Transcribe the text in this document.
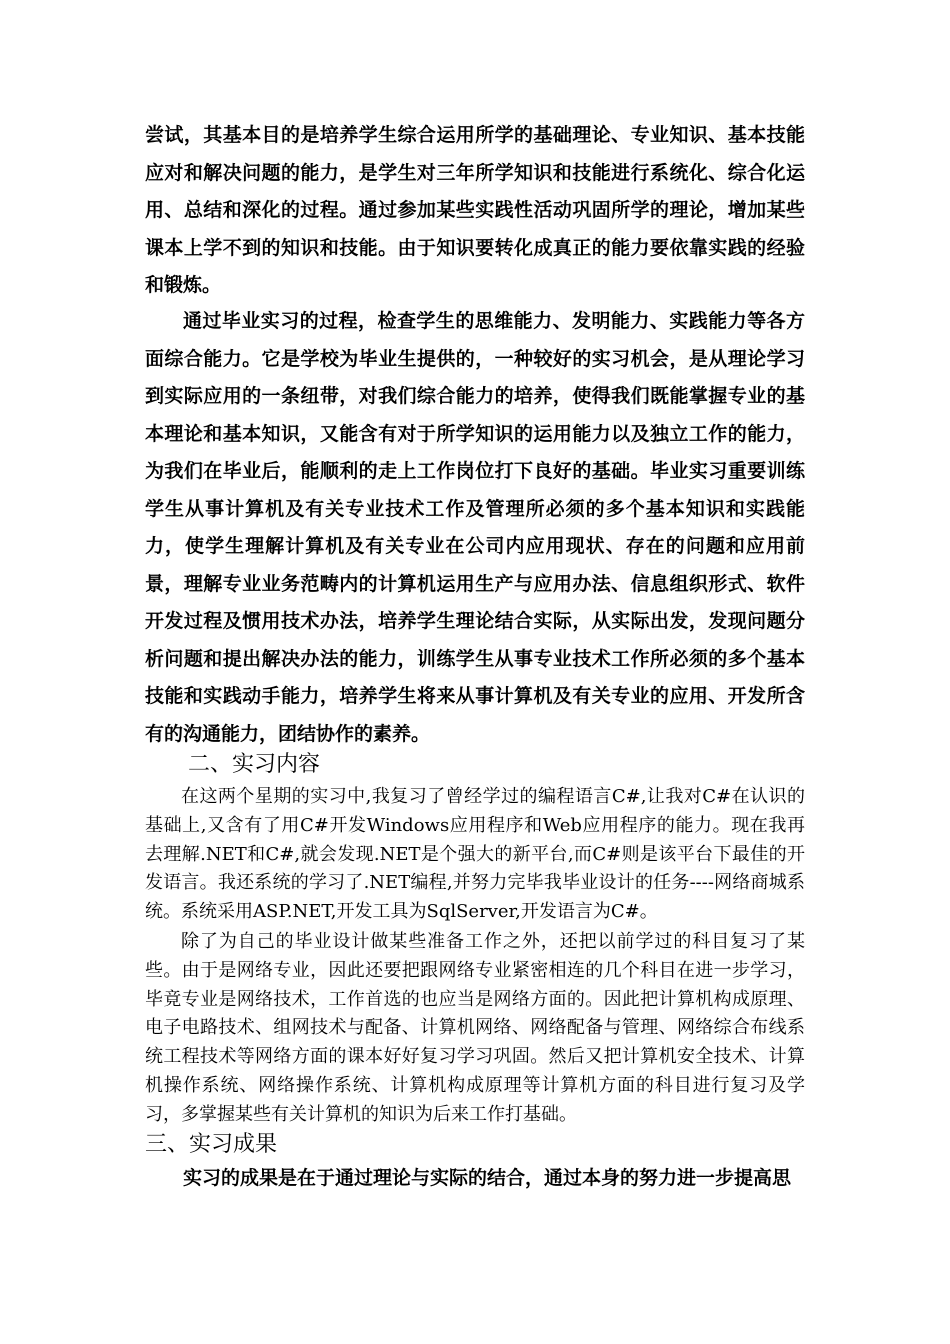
尝试，其基本目的是培养学生综合运用所学的基础理论、专业知识、基本技能应对和解决问题的能力，是学生对三年所学知识和技能进行系统化、综合化运用、总结和深化的过程。通过参加某些实践性活动巩固所学的理论，增加某些课本上学不到的知识和技能。由于知识要转化成真正的能力要依靠实践的经验和锻炼。

通过毕业实习的过程，检查学生的思维能力、发明能力、实践能力等各方面综合能力。它是学校为毕业生提供的，一种较好的实习机会，是从理论学习到实际应用的一条纽带，对我们综合能力的培养，使得我们既能掌握专业的基本理论和基本知识，又能含有对于所学知识的运用能力以及独立工作的能力，为我们在毕业后，能顺利的走上工作岗位打下良好的基础。毕业实习重要训练学生从事计算机及有关专业技术工作及管理所必须的多个基本知识和实践能力，使学生理解计算机及有关专业在公司内应用现状、存在的问题和应用前景，理解专业业务范畴内的计算机运用生产与应用办法、信息组织形式、软件开发过程及惯用技术办法，培养学生理论结合实际，从实际出发，发现问题分析问题和提出解决办法的能力，训练学生从事专业技术工作所必须的多个基本技能和实践动手能力，培养学生将来从事计算机及有关专业的应用、开发所含有的沟通能力，团结协作的素养。

二、实习内容

在这两个星期的实习中,我复习了曾经学过的编程语言C#,让我对C#在认识的基础上,又含有了用C#开发Windows应用程序和Web应用程序的能力。现在我再去理解.NET和C#,就会发现.NET是个强大的新平台,而C#则是该平台下最佳的开发语言。我还系统的学习了.NET编程,并努力完毕我毕业设计的任务----网络商城系统。系统采用ASP.NET,开发工具为SqlServer,开发语言为C#。

除了为自己的毕业设计做某些准备工作之外，还把以前学过的科目复习了某些。由于是网络专业，因此还要把跟网络专业紧密相连的几个科目在进一步学习，毕竟专业是网络技术，工作首选的也应当是网络方面的。因此把计算机构成原理、电子电路技术、组网技术与配备、计算机网络、网络配备与管理、网络综合布线系统工程技术等网络方面的课本好好复习学习巩固。然后又把计算机安全技术、计算机操作系统、网络操作系统、计算机构成原理等计算机方面的科目进行复习及学习，多掌握某些有关计算机的知识为后来工作打基础。

三、实习成果

实习的成果是在于通过理论与实际的结合，通过本身的努力进一步提高思
